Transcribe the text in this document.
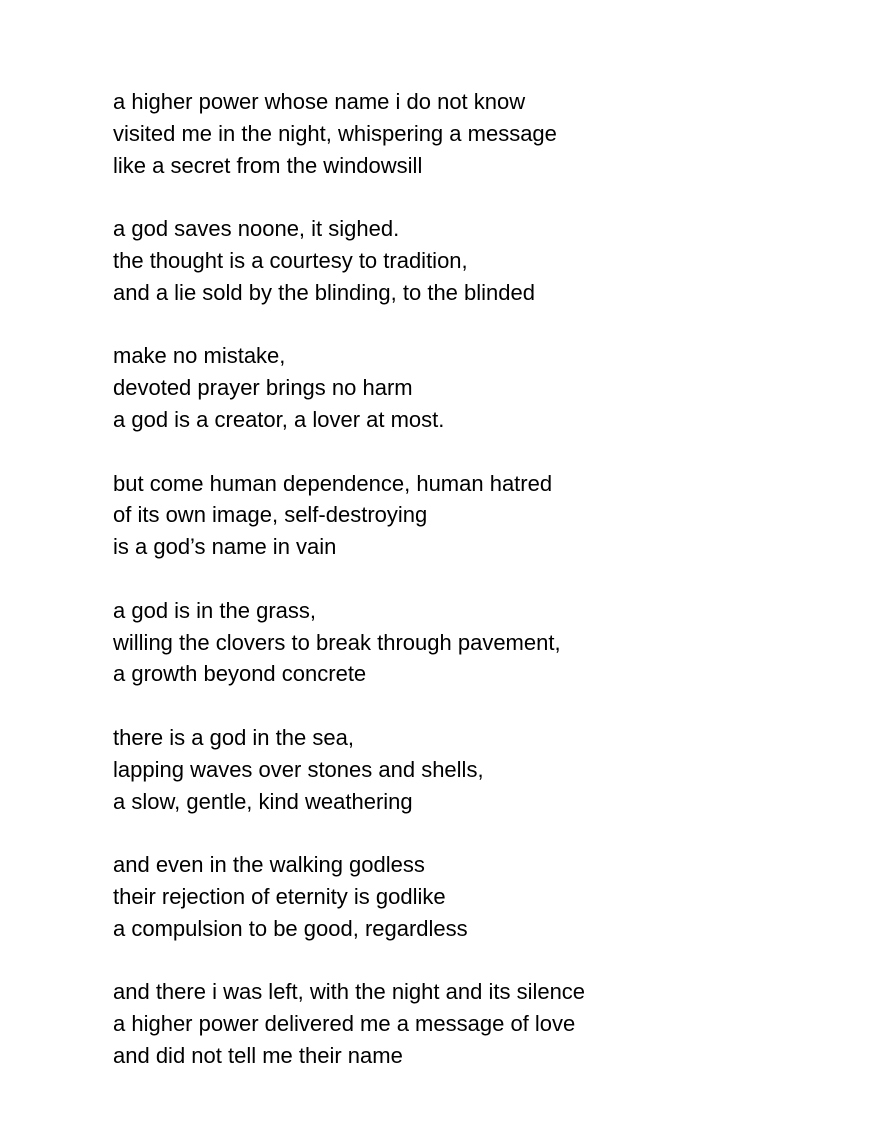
a higher power whose name i do not know
visited me in the night, whispering a message
like a secret from the windowsill
a god saves noone, it sighed.
the thought is a courtesy to tradition,
and a lie sold by the blinding, to the blinded
make no mistake,
devoted prayer brings no harm
a god is a creator, a lover at most.
but come human dependence, human hatred
of its own image, self-destroying
is a god’s name in vain
a god is in the grass,
willing the clovers to break through pavement,
a growth beyond concrete
there is a god in the sea,
lapping waves over stones and shells,
a slow, gentle, kind weathering
and even in the walking godless
their rejection of eternity is godlike
a compulsion to be good, regardless
and there i was left, with the night and its silence
a higher power delivered me a message of love
and did not tell me their name
